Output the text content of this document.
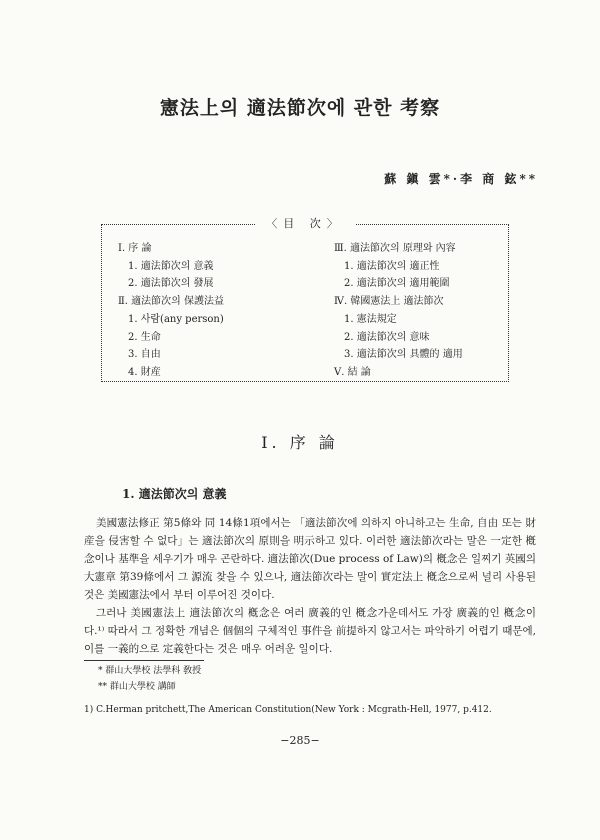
憲法上의 適法節次에 관한 考察
蘇 鎭 雲*·李 商 鉉**
〈目 次〉
Ⅰ. 序 論
1. 適法節次의 意義
2. 適法節次의 發展
Ⅱ. 適法節次의 保護法益
1. 사람(any person)
2. 生命
3. 自由
4. 財産
Ⅲ. 適法節次의 原理와 內容
1. 適法節次의 適正性
2. 適法節次의 適用範圍
Ⅳ. 韓國憲法上 適法節次
1. 憲法規定
2. 適法節次의 意味
3. 適法節次의 具體的 適用
Ⅴ. 結 論
Ⅰ. 序 論
1. 適法節次의 意義

美國憲法修正 第5條와 同 14條1項에서는 「適法節次에 의하지 아니하고는 生命, 自由 또는 財産을 侵害할 수 없다」는 適法節次의 原則을 明示하고 있다. 이러한 適法節次라는 말은 一定한 槪念이나 基準을 세우기가 매우 곤란하다. 適法節次(Due process of Law)의 槪念은 일찌기 英國의 大憲章 第39條에서 그 源流 찾을 수 있으나, 適法節次라는 말이 實定法上 槪念으로써 널리 사용된 것은 美國憲法에서 부터 이루어진 것이다.

그러나 美國憲法上 適法節次의 槪念은 여러 廣義的인 槪念가운데서도 가장 廣義的인 槪念이다.¹⁾ 따라서 그 정확한 개념은 個個의 구체적인 事件을 前提하지 않고서는 파악하기 어렵기 때문에, 이를 一義的으로 定義한다는 것은 매우 어려운 일이다.

* 群山大學校 法學科 敎授
** 群山大學校 講師
1) C.Herman pritchett,The American Constitution(New York : Mcgrath-Hell, 1977, p.412.
−285−
